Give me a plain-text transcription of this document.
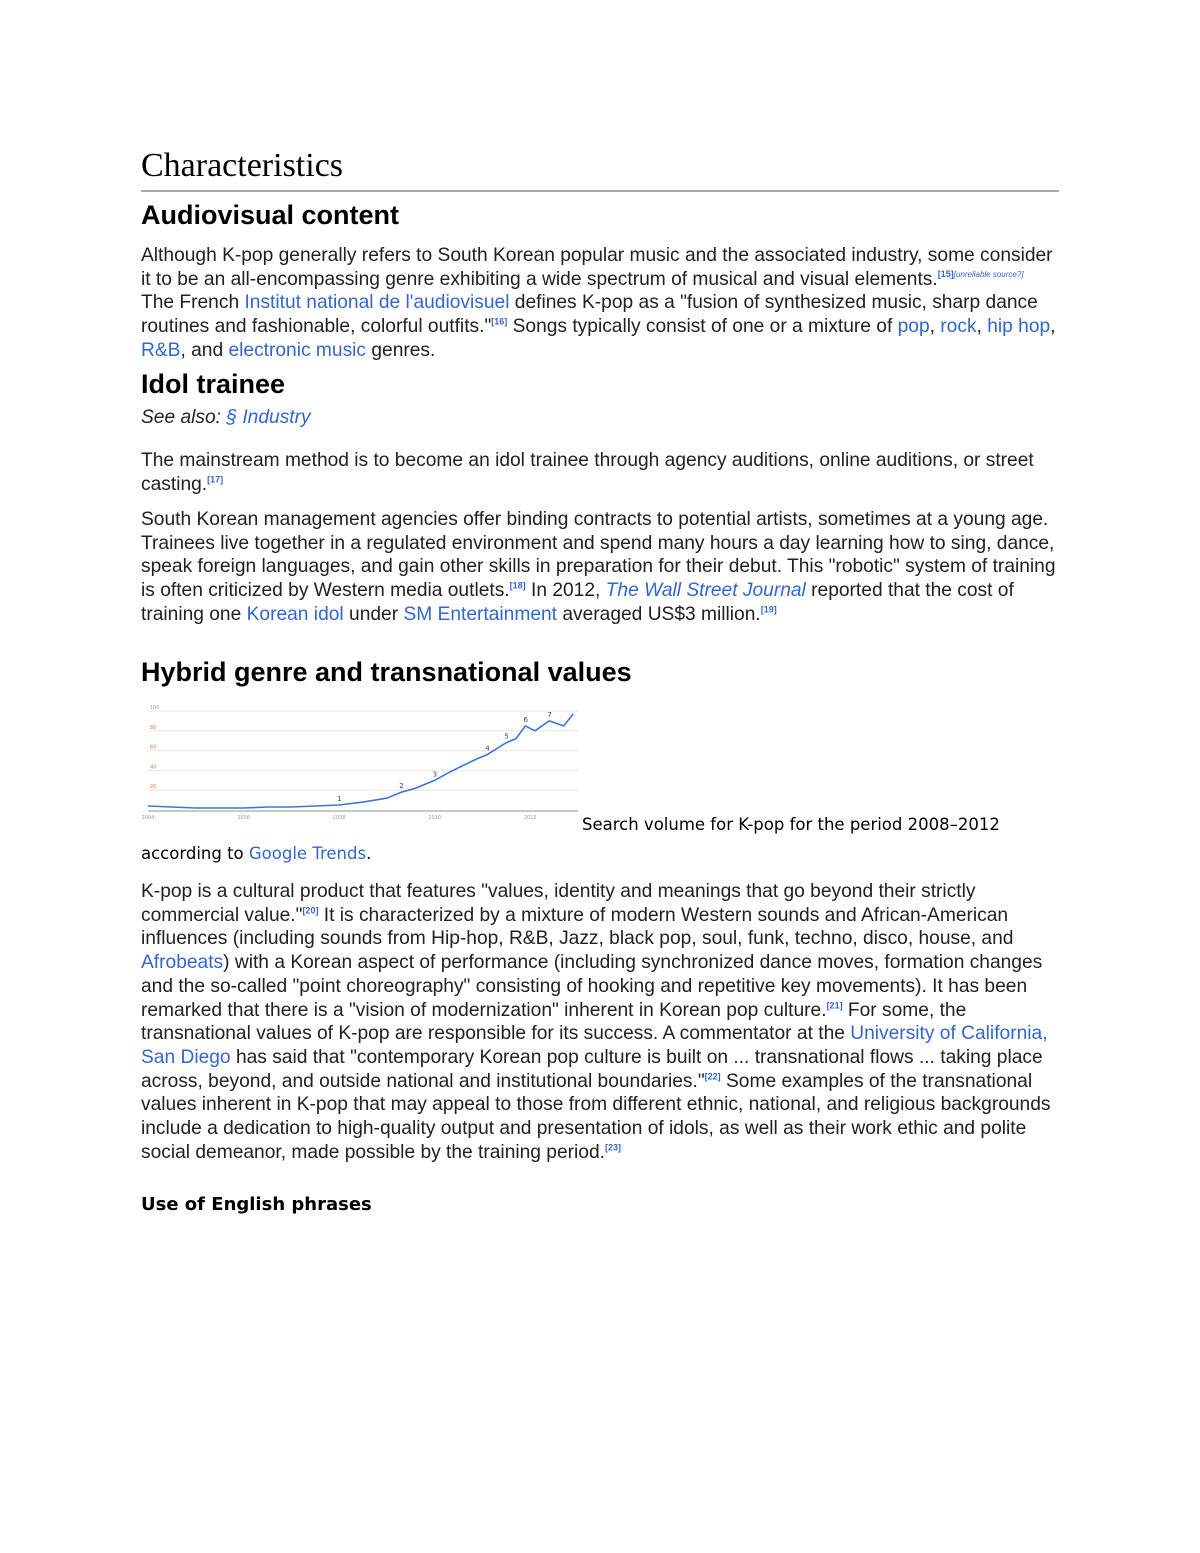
Characteristics
Audiovisual content

Although K-pop generally refers to South Korean popular music and the associated industry, some consider it to be an all-encompassing genre exhibiting a wide spectrum of musical and visual elements.[15][unreliable source?] The French Institut national de l'audiovisuel defines K-pop as a "fusion of synthesized music, sharp dance routines and fashionable, colorful outfits."[16] Songs typically consist of one or a mixture of pop, rock, hip hop, R&B, and electronic music genres.

Idol trainee

See also: § Industry

The mainstream method is to become an idol trainee through agency auditions, online auditions, or street casting.[17]

South Korean management agencies offer binding contracts to potential artists, sometimes at a young age. Trainees live together in a regulated environment and spend many hours a day learning how to sing, dance, speak foreign languages, and gain other skills in preparation for their debut. This "robotic" system of training is often criticized by Western media outlets.[18] In 2012, The Wall Street Journal reported that the cost of training one Korean idol under SM Entertainment averaged US$3 million.[19]

Hybrid genre and transnational values

Search volume for K-pop for the period 2008–2012 according to Google Trends.

K-pop is a cultural product that features "values, identity and meanings that go beyond their strictly commercial value."[20] It is characterized by a mixture of modern Western sounds and African-American influences (including sounds from Hip-hop, R&B, Jazz, black pop, soul, funk, techno, disco, house, and Afrobeats) with a Korean aspect of performance (including synchronized dance moves, formation changes and the so-called "point choreography" consisting of hooking and repetitive key movements). It has been remarked that there is a "vision of modernization" inherent in Korean pop culture.[21] For some, the transnational values of K-pop are responsible for its success. A commentator at the University of California, San Diego has said that "contemporary Korean pop culture is built on ... transnational flows ... taking place across, beyond, and outside national and institutional boundaries."[22] Some examples of the transnational values inherent in K-pop that may appeal to those from different ethnic, national, and religious backgrounds include a dedication to high-quality output and presentation of idols, as well as their work ethic and polite social demeanor, made possible by the training period.[23]

Use of English phrases
100
80
60
40
20
2004	2006	2008	2010	2012
1
2
3
4
5
6
7
